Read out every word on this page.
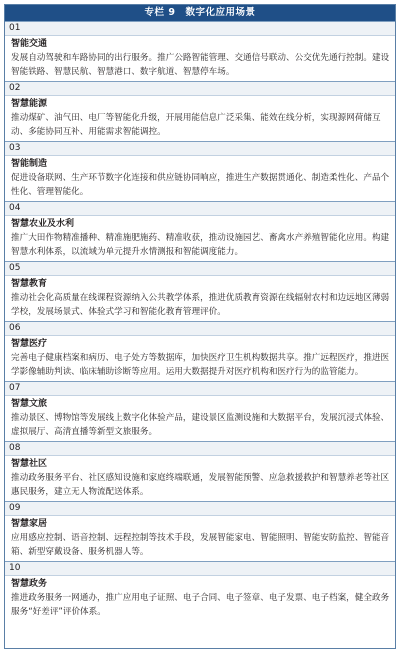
专栏 9　数字化应用场景
01
智能交通
发展自动驾驶和车路协同的出行服务。推广公路智能管理、交通信号联动、公交优先通行控制。建设智能铁路、智慧民航、智慧港口、数字航道、智慧停车场。
02
智慧能源
推动煤矿、油气田、电厂等智能化升级，开展用能信息广泛采集、能效在线分析，实现源网荷储互动、多能协同互补、用能需求智能调控。
03
智能制造
促进设备联网、生产环节数字化连接和供应链协同响应，推进生产数据贯通化、制造柔性化、产品个性化、管理智能化。
04
智慧农业及水利
推广大田作物精准播种、精准施肥施药、精准收获，推动设施园艺、畜禽水产养殖智能化应用。构建智慧水利体系，以流域为单元提升水情测报和智能调度能力。
05
智慧教育
推动社会化高质量在线课程资源纳入公共教学体系，推进优质教育资源在线辐射农村和边远地区薄弱学校，发展场景式、体验式学习和智能化教育管理评价。
06
智慧医疗
完善电子健康档案和病历、电子处方等数据库，加快医疗卫生机构数据共享。推广远程医疗，推进医学影像辅助判读、临床辅助诊断等应用。运用大数据提升对医疗机构和医疗行为的监管能力。
07
智慧文旅
推动景区、博物馆等发展线上数字化体验产品，建设景区监测设施和大数据平台，发展沉浸式体验、虚拟展厅、高清直播等新型文旅服务。
08
智慧社区
推动政务服务平台、社区感知设施和家庭终端联通，发展智能预警、应急救援救护和智慧养老等社区惠民服务，建立无人物流配送体系。
09
智慧家居
应用感应控制、语音控制、远程控制等技术手段，发展智能家电、智能照明、智能安防监控、智能音箱、新型穿戴设备、服务机器人等。
10
智慧政务
推进政务服务一网通办，推广应用电子证照、电子合同、电子签章、电子发票、电子档案，健全政务服务“好差评”评价体系。
